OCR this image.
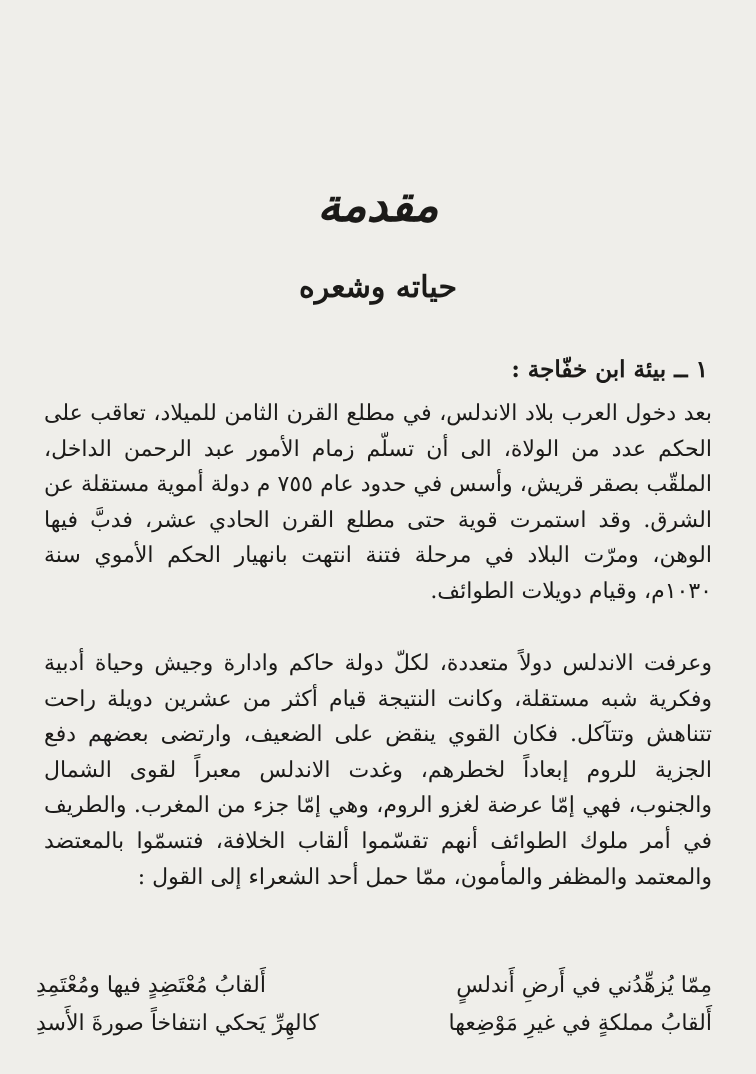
مقدمة
حياته وشعره
١ ــ بيئة ابن خفّاجة :
بعد دخول العرب بلاد الاندلس، في مطلع القرن الثامن للميلاد، تعاقب على الحكم عدد من الولاة، الى أن تسلّم زمام الأمور عبد الرحمن الداخل، الملقّب بصقر قريش، وأسس في حدود عام ٧٥٥ م دولة أموية مستقلة عن الشرق. وقد استمرت قوية حتى مطلع القرن الحادي عشر، فدبَّ فيها الوهن، ومرّت البلاد في مرحلة فتنة انتهت بانهيار الحكم الأموي سنة ١٠٣٠م، وقيام دويلات الطوائف.
وعرفت الاندلس دولاً متعددة، لكلّ دولة حاكم وادارة وجيش وحياة أدبية وفكرية شبه مستقلة، وكانت النتيجة قيام أكثر من عشرين دويلة راحت تتناهش وتتآكل. فكان القوي ينقض على الضعيف، وارتضى بعضهم دفع الجزية للروم إبعاداً لخطرهم، وغدت الاندلس معبراً لقوى الشمال والجنوب، فهي إمّا عرضة لغزو الروم، وهي إمّا جزء من المغرب. والطريف في أمر ملوك الطوائف أنهم تقسّموا ألقاب الخلافة، فتسمّوا بالمعتضد والمعتمد والمظفر والمأمون، ممّا حمل أحد الشعراء إلى القول :
مِمّا يُزهِّدُني في أَرضِ أَندلسٍ
أَلقابُ مُعْتَضِدٍ فيها ومُعْتَمِدِ
أَلقابُ مملكةٍ في غيرِ مَوْضِعها
كالهِرِّ يَحكي انتفاخاً صورةَ الأَسدِ
